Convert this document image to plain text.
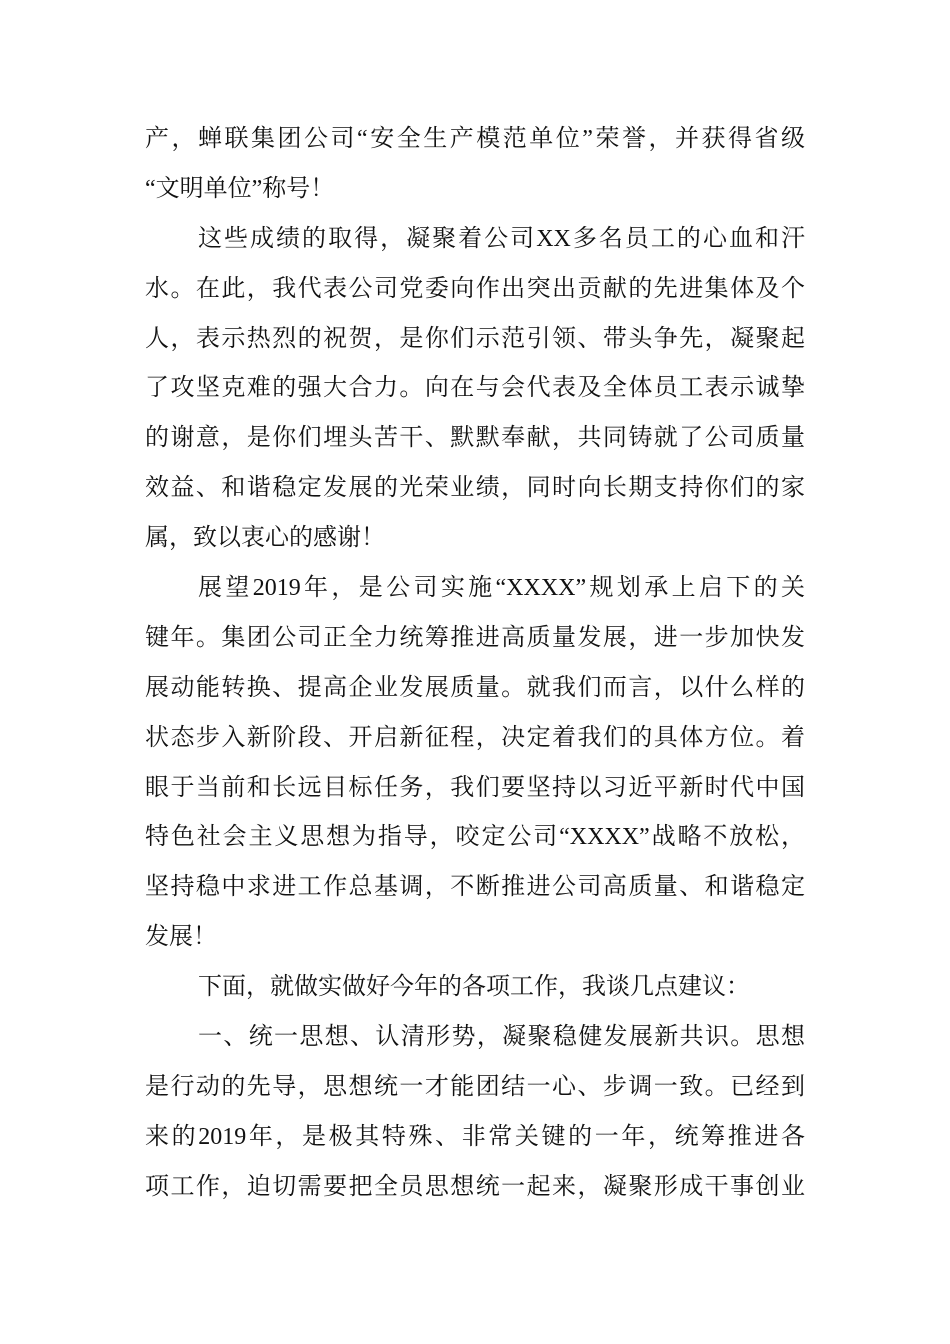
产，蝉联集团公司“安全生产模范单位”荣誉，并获得省级
“文明单位”称号！
这些成绩的取得，凝聚着公司XX多名员工的心血和汗
水。在此，我代表公司党委向作出突出贡献的先进集体及个
人，表示热烈的祝贺，是你们示范引领、带头争先，凝聚起
了攻坚克难的强大合力。向在与会代表及全体员工表示诚挚
的谢意，是你们埋头苦干、默默奉献，共同铸就了公司质量
效益、和谐稳定发展的光荣业绩，同时向长期支持你们的家
属，致以衷心的感谢！
展望2019年，是公司实施“XXXX”规划承上启下的关
键年。集团公司正全力统筹推进高质量发展，进一步加快发
展动能转换、提高企业发展质量。就我们而言，以什么样的
状态步入新阶段、开启新征程，决定着我们的具体方位。着
眼于当前和长远目标任务，我们要坚持以习近平新时代中国
特色社会主义思想为指导，咬定公司“XXXX”战略不放松，
坚持稳中求进工作总基调，不断推进公司高质量、和谐稳定
发展！
下面，就做实做好今年的各项工作，我谈几点建议：
一、统一思想、认清形势，凝聚稳健发展新共识。思想
是行动的先导，思想统一才能团结一心、步调一致。已经到
来的2019年，是极其特殊、非常关键的一年，统筹推进各
项工作，迫切需要把全员思想统一起来，凝聚形成干事创业
